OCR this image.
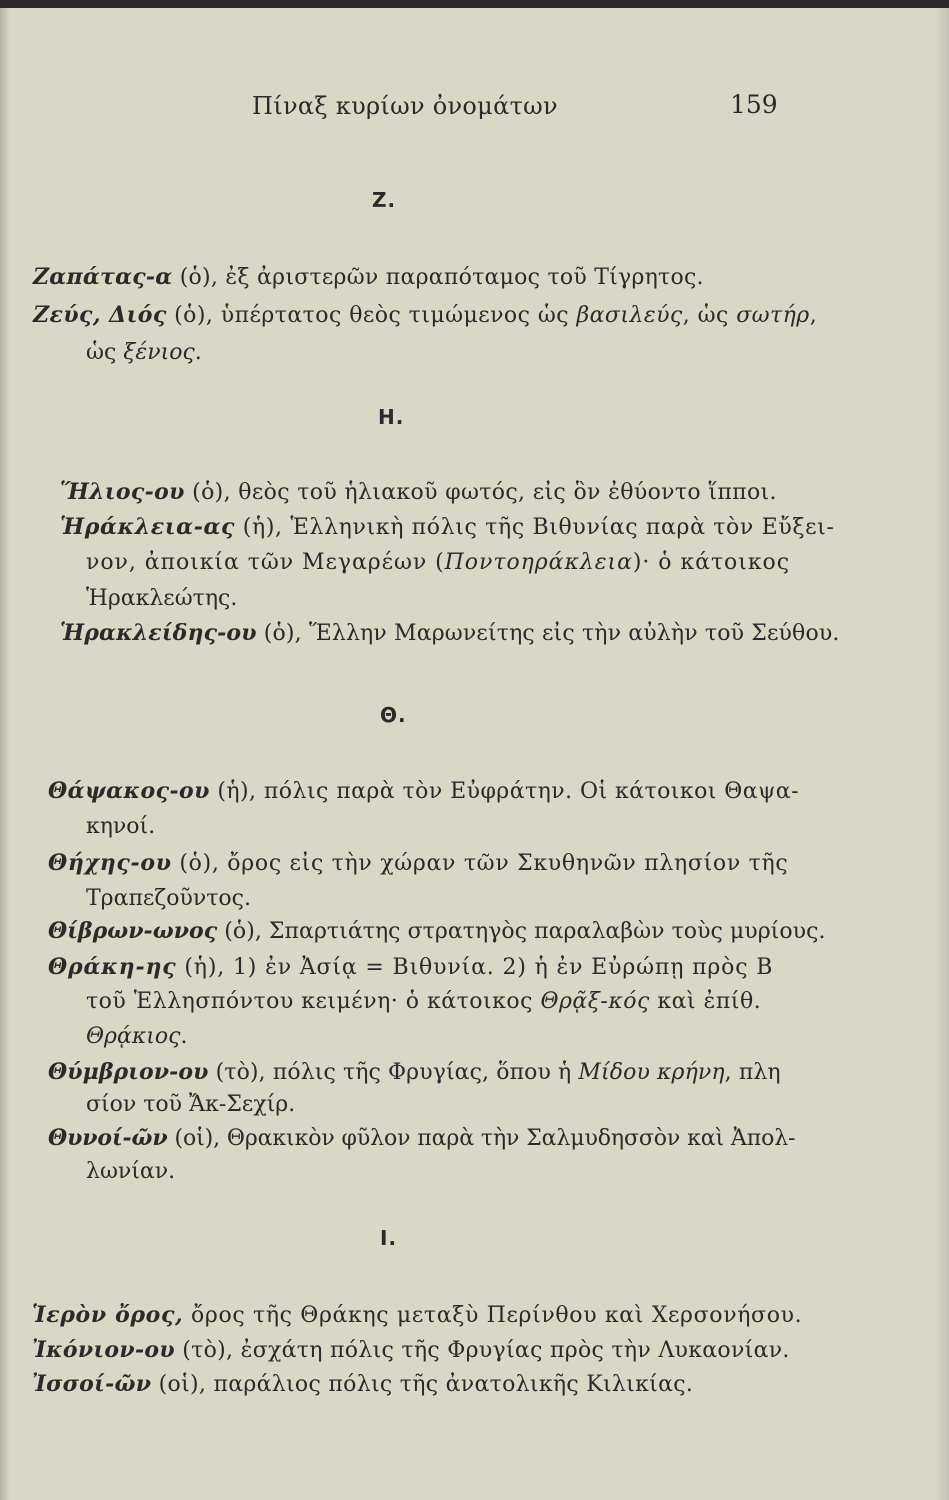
Πίναξ κυρίων ὀνομάτων	159
Ζ.
Ζαπάτας-α (ὁ), ἐξ ἀριστερῶν παραπόταμος τοῦ Τίγρητος.
Ζεύς, Διός (ὁ), ὑπέρτατος θεὸς τιμώμενος ὡς βασιλεύς, ὡς σωτήρ,
ὡς ξένιος.
Η.
Ἥλιος-ου (ὁ), θεὸς τοῦ ἡλιακοῦ φωτός, εἰς ὃν ἐθύοντο ἵπποι.
Ἡράκλεια-ας (ἡ), Ἑλληνικὴ πόλις τῆς Βιθυνίας παρὰ τὸν Εὔξει-
νον, ἀποικία τῶν Μεγαρέων (Ποντοηράκλεια)· ὁ κάτοικος
Ἡρακλεώτης.
Ἡρακλείδης-ου (ὁ), Ἕλλην Μαρωνείτης εἰς τὴν αὐλὴν τοῦ Σεύθου.
Θ.
Θάψακος-ου (ἡ), πόλις παρὰ τὸν Εὐφράτην. Οἱ κάτοικοι Θαψα-
κηνοί.
Θήχης-ου (ὁ), ὄρος εἰς τὴν χώραν τῶν Σκυθηνῶν πλησίον τῆς
Τραπεζοῦντος.
Θίβρων-ωνος (ὁ), Σπαρτιάτης στρατηγὸς παραλαβὼν τοὺς μυρίους.
Θράκη-ης (ἡ), 1) ἐν Ἀσίᾳ = Βιθυνία. 2) ἡ ἐν Εὐρώπῃ πρὸς Β
τοῦ Ἑλλησπόντου κειμένη· ὁ κάτοικος Θρᾷξ-κός καὶ ἐπίθ.
Θρᾴκιος.
Θύμβριον-ου (τὸ), πόλις τῆς Φρυγίας, ὅπου ἡ Μίδου κρήνη, πλη
σίον τοῦ Ἄκ-Σεχίρ.
Θυνοί-ῶν (οἱ), Θρακικὸν φῦλον παρὰ τὴν Σαλμυδησσὸν καὶ Ἀπολ-
λωνίαν.
Ι.
Ἱερὸν ὄρος, ὄρος τῆς Θράκης μεταξὺ Περίνθου καὶ Χερσονήσου.
Ἰκόνιον-ου (τὸ), ἐσχάτη πόλις τῆς Φρυγίας πρὸς τὴν Λυκαονίαν.
Ἰσσοί-ῶν (οἱ), παράλιος πόλις τῆς ἀνατολικῆς Κιλικίας.
